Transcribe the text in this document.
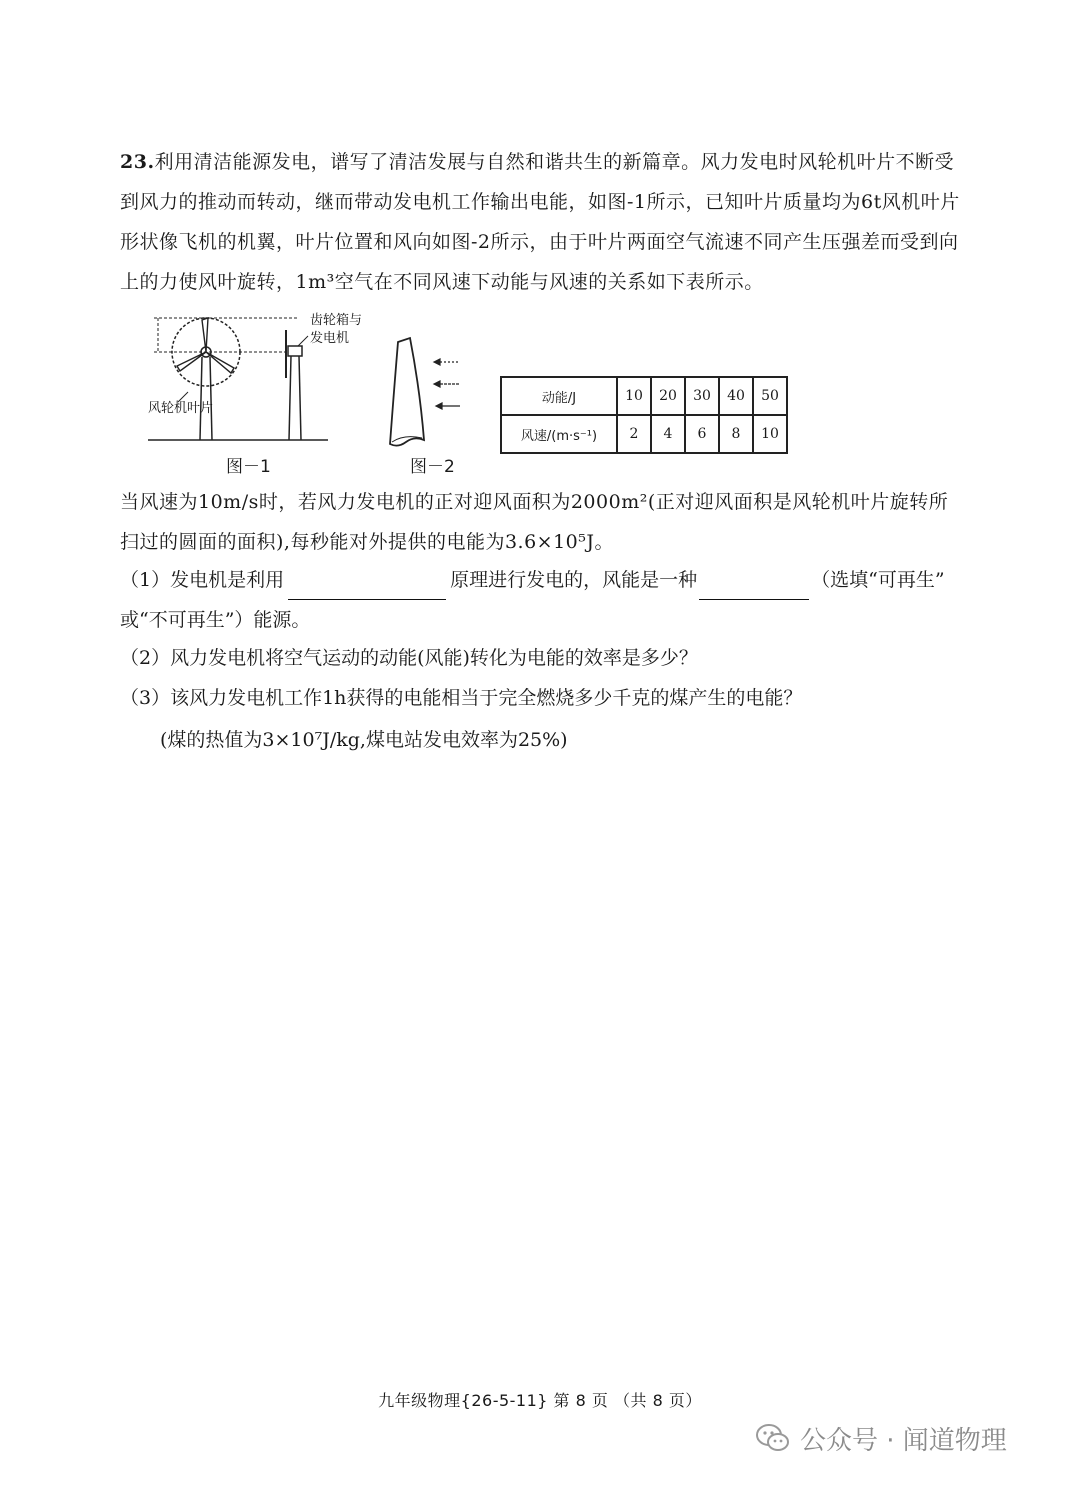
23.利用清洁能源发电，谱写了清洁发展与自然和谐共生的新篇章。风力发电时风轮机叶片不断受到风力的推动而转动，继而带动发电机工作输出电能，如图-1所示，已知叶片质量均为6t风机叶片形状像飞机的机翼，叶片位置和风向如图-2所示，由于叶片两面空气流速不同产生压强差而受到向上的力使风叶旋转，1m³空气在不同风速下动能与风速的关系如下表所示。
齿轮箱与
发电机
风轮机叶片
图－1	图－2
动能/J	10	20	30	40	50
风速/(m·s⁻¹)	2	4	6	8	10
当风速为10m/s时，若风力发电机的正对迎风面积为2000m²(正对迎风面积是风轮机叶片旋转所扫过的圆面的面积),每秒能对外提供的电能为3.6×10⁵J。
（1）发电机是利用	原理进行发电的，风能是一种	（选填“可再生”
或“不可再生”）能源。
（2）风力发电机将空气运动的动能(风能)转化为电能的效率是多少？
（3）该风力发电机工作1h获得的电能相当于完全燃烧多少千克的煤产生的电能？
(煤的热值为3×10⁷J/kg,煤电站发电效率为25%)
九年级物理{26-5-11} 第 8 页 （共 8 页）
公众号 · 闻道物理
